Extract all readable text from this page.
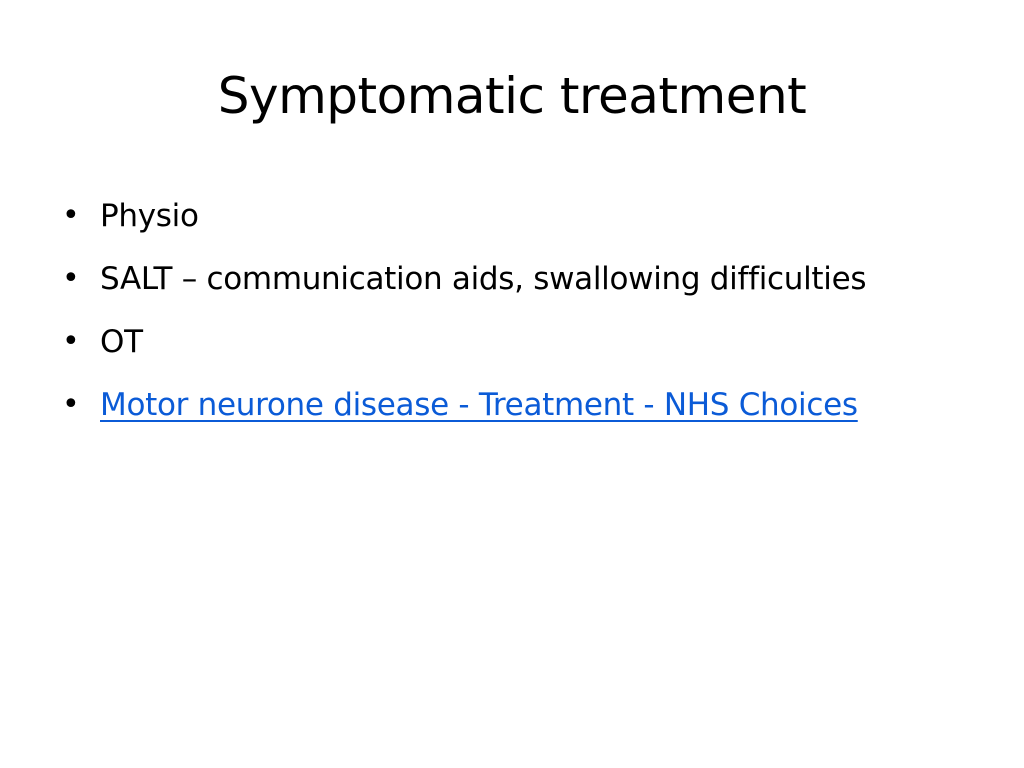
Symptomatic treatment
• Physio
• SALT – communication aids, swallowing difficulties
• OT
• Motor neurone disease - Treatment - NHS Choices
